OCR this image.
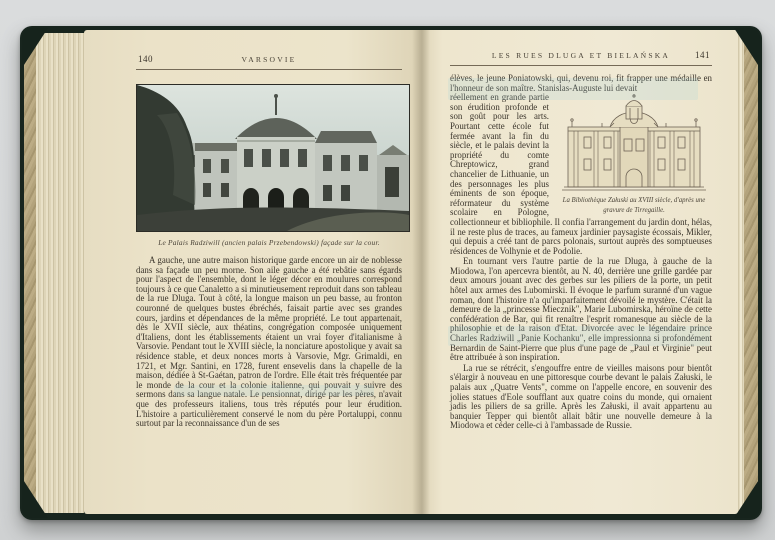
140	VARSOVIE
Le Palais Radziwill (ancien palais Przebendowski) façade sur la cour.
A gauche, une autre maison historique garde encore un air de noblesse dans sa façade un peu morne. Son aile gauche a été rebâtie sans égards pour l'aspect de l'ensemble, dont le léger décor en moulures correspond toujours à ce que Canaletto a si minutieusement reproduit dans son tableau de la rue Dluga. Tout à côté, la longue maison un peu basse, au fronton couronné de quelques bustes ébréchés, faisait partie avec ses grandes cours, jardins et dépendances de la même propriété. Le tout appartenait, dès le XVII siècle, aux théatins, congrégation composée uniquement d'Italiens, dont les établissements étaient un vrai foyer d'italianisme à Varsovie. Pendant tout le XVIII siècle, la nonciature apostolique y avait sa résidence stable, et deux nonces morts à Varsovie, Mgr. Grimaldi, en 1721, et Mgr. Santini, en 1728, furent ensevelis dans la chapelle de la maison, dédiée à St-Gaétan, patron de l'ordre. Elle était très fréquentée par le monde de la cour et la colonie italienne, qui pouvait y suivre des sermons dans sa langue natale. Le pensionnat, dirigé par les pères, n'avait que des professeurs italiens, tous très réputés pour leur érudition. L'histoire a particulièrement conservé le nom du père Portaluppi, connu surtout par la reconnaissance d'un de ses
LES RUES DLUGA ET BIELAŃSKA	141
élèves, le jeune Poniatowski, qui, devenu roi, fit frapper une médaille en l'honneur de son maître. Stanislas-Auguste lui devait
La Bibliothèque Załuski au XVIII siècle, d'après une gravure de Tirregaille.
réellement en grande partie son érudition profonde et son goût pour les arts. Pourtant cette école fut fermée avant la fin du siècle, et le palais devint la propriété du comte Chreptowicz, grand chancelier de Lithuanie, un des personnages les plus éminents de son époque, réformateur du système scolaire en Pologne, collectionneur et bibliophile. Il confia l'arrangement du jardin dont, hélas, il ne reste plus de traces, au fameux jardinier paysagiste écossais, Mikler, qui depuis a créé tant de parcs polonais, surtout auprès des somptueuses résidences de Volhynie et de Podolie.
En tournant vers l'autre partie de la rue Dluga, à gauche de la Miodowa, l'on apercevra bientôt, au N. 40, derrière une grille gardée par deux amours jouant avec des gerbes sur les piliers de la porte, un petit hôtel aux armes des Lubomirski. Il évoque le parfum suranné d'un vague roman, dont l'histoire n'a qu'imparfaitement dévoilé le mystère. C'était la demeure de la „princesse Miecznik", Marie Lubomirska, héroïne de cette confédération de Bar, qui fit renaître l'esprit romanesque au siècle de la philosophie et de la raison d'Etat. Divorcée avec le légendaire prince Charles Radziwill „Panie Kochanku", elle impressionna si profondément Bernardin de Saint-Pierre que plus d'une page de „Paul et Virginie" peut être attribuée à son inspiration.
La rue se rétrécit, s'engouffre entre de vieilles maisons pour bientôt s'élargir à nouveau en une pittoresque courbe devant le palais Załuski, le palais aux „Quatre Vents", comme on l'appelle encore, en souvenir des jolies statues d'Eole soufflant aux quatre coins du monde, qui ornaient jadis les piliers de sa grille. Après les Załuski, il avait appartenu au banquier Tepper qui bientôt allait bâtir une nouvelle demeure à la Miodowa et céder celle-ci à l'ambassade de Russie.
